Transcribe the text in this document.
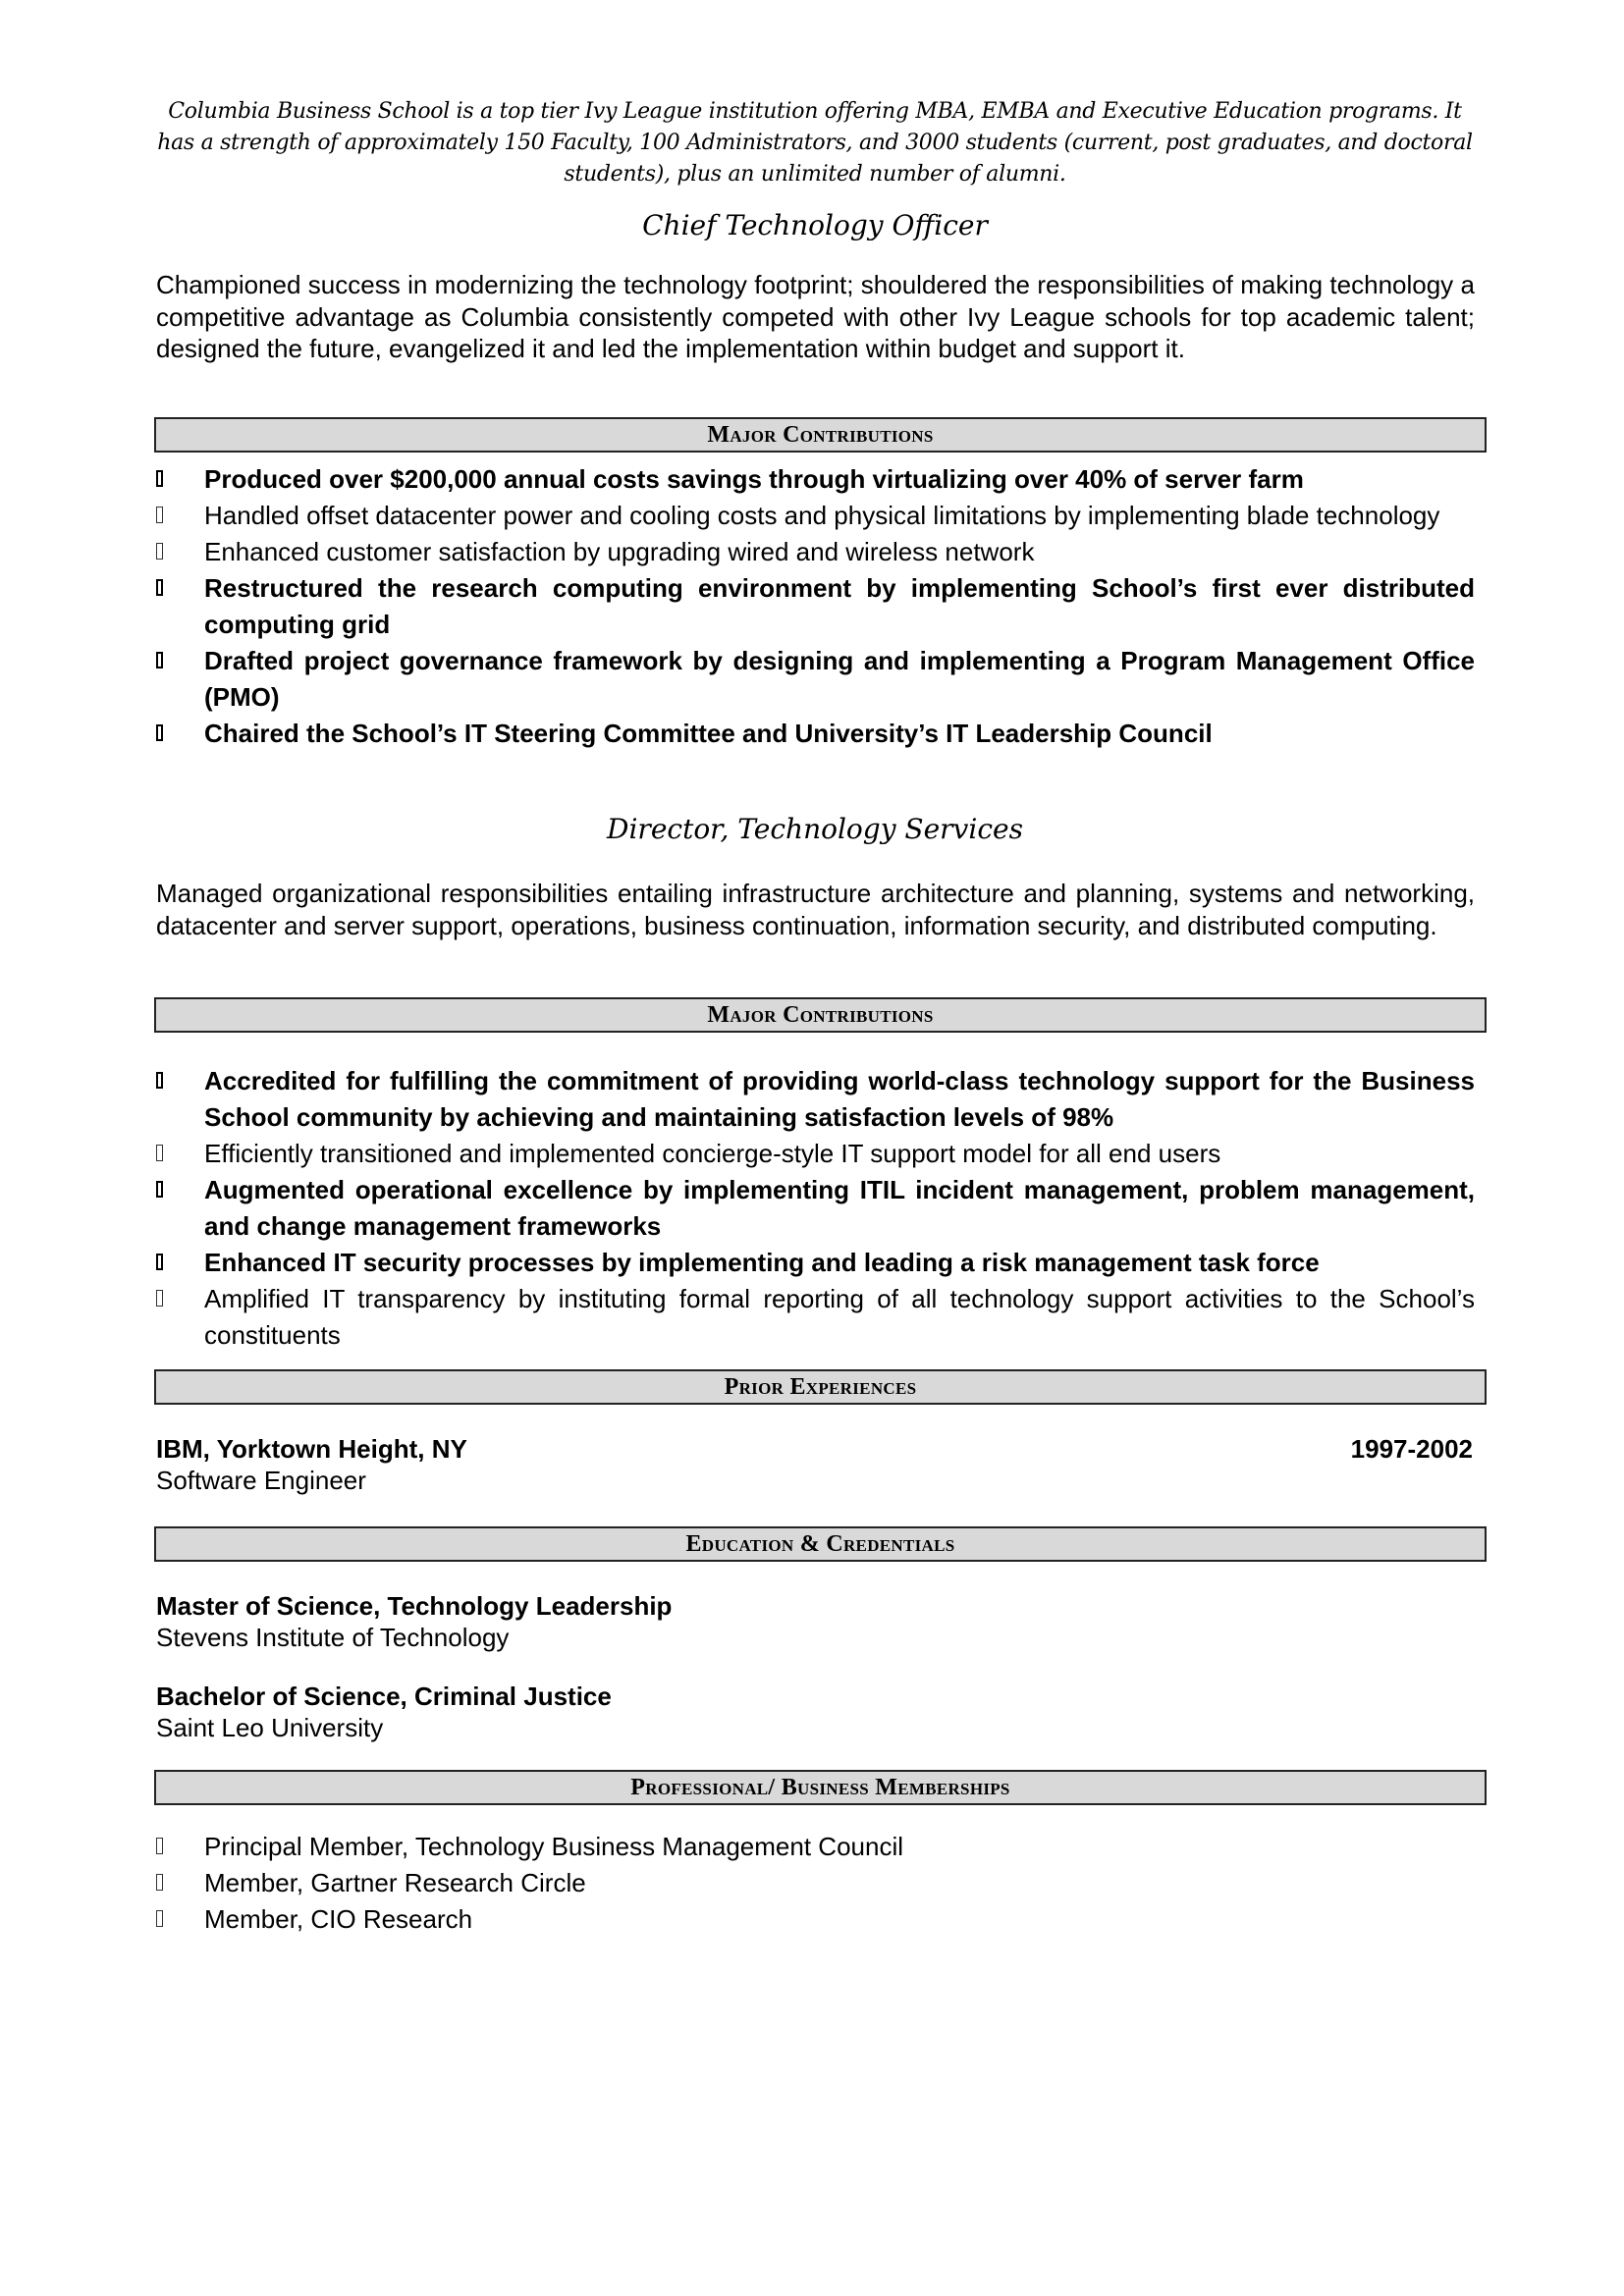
Columbia Business School is a top tier Ivy League institution offering MBA, EMBA and Executive Education programs. It has a strength of approximately 150 Faculty, 100 Administrators, and 3000 students (current, post graduates, and doctoral students), plus an unlimited number of alumni.
Chief Technology Officer
Championed success in modernizing the technology footprint; shouldered the responsibilities of making technology a competitive advantage as Columbia consistently competed with other Ivy League schools for top academic talent; designed the future, evangelized it and led the implementation within budget and support it.
Major Contributions
Produced over $200,000 annual costs savings through virtualizing over 40% of server farm
Handled offset datacenter power and cooling costs and physical limitations by implementing blade technology
Enhanced customer satisfaction by upgrading wired and wireless network
Restructured the research computing environment by implementing School’s first ever distributed computing grid
Drafted project governance framework by designing and implementing a Program Management Office (PMO)
Chaired the School’s IT Steering Committee and University’s IT Leadership Council
Director, Technology Services
Managed organizational responsibilities entailing infrastructure architecture and planning, systems and networking, datacenter and server support, operations, business continuation, information security, and distributed computing.
Major Contributions
Accredited for fulfilling the commitment of providing world-class technology support for the Business School community by achieving and maintaining satisfaction levels of 98%
Efficiently transitioned and implemented concierge-style IT support model for all end users
Augmented operational excellence by implementing ITIL incident management, problem management, and change management frameworks
Enhanced IT security processes by implementing and leading a risk management task force
Amplified IT transparency by instituting formal reporting of all technology support activities to the School’s constituents
Prior Experiences
IBM, Yorktown Height, NY	1997-2002
Software Engineer
Education & Credentials
Master of Science, Technology Leadership
Stevens Institute of Technology
Bachelor of Science, Criminal Justice
Saint Leo University
Professional/ Business Memberships
Principal Member, Technology Business Management Council
Member, Gartner Research Circle
Member, CIO Research
